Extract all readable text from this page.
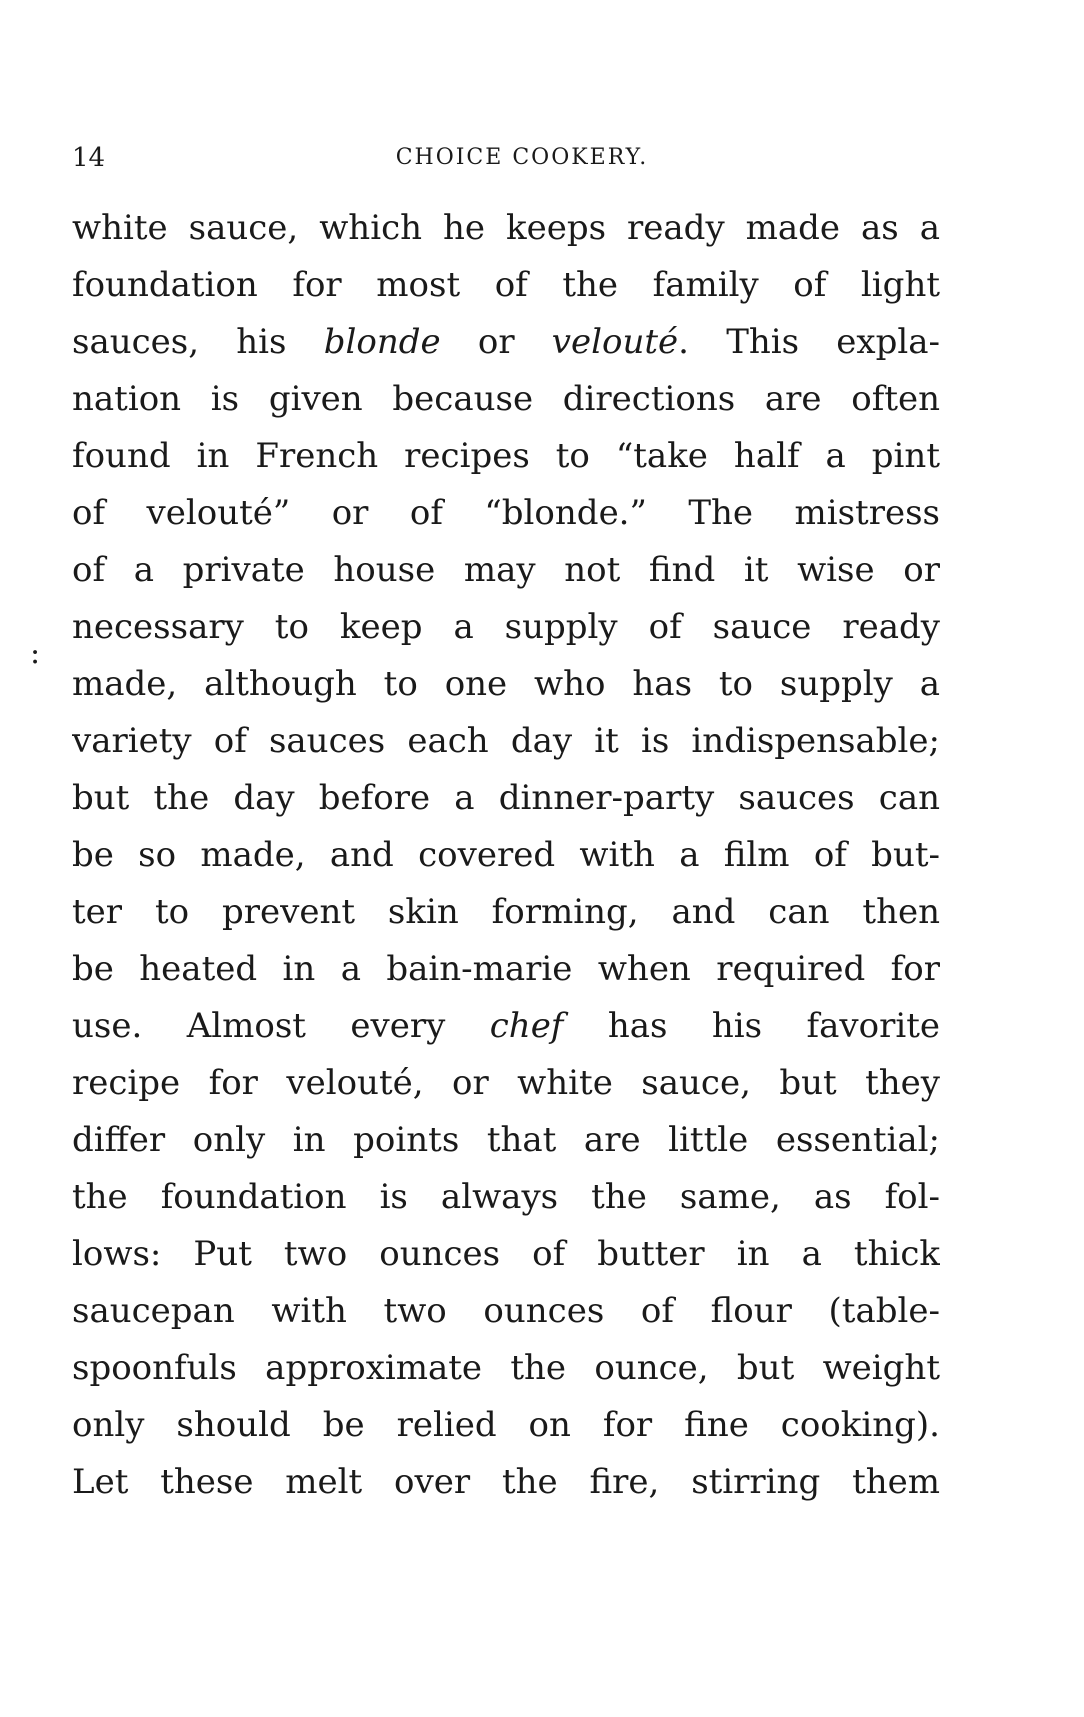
14	CHOICE COOKERY.
:
white sauce, which he keeps ready made as a
foundation for most of the family of light
sauces, his blonde or velouté. This expla-
nation is given because directions are often
found in French recipes to “take half a pint
of velouté” or of “blonde.” The mistress
of a private house may not find it wise or
necessary to keep a supply of sauce ready
made, although to one who has to supply a
variety of sauces each day it is indispensable;
but the day before a dinner-party sauces can
be so made, and covered with a film of but-
ter to prevent skin forming, and can then
be heated in a bain-marie when required for
use. Almost every chef has his favorite
recipe for velouté, or white sauce, but they
differ only in points that are little essential;
the foundation is always the same, as fol-
lows: Put two ounces of butter in a thick
saucepan with two ounces of flour (table-
spoonfuls approximate the ounce, but weight
only should be relied on for fine cooking).
Let these melt over the fire, stirring them
